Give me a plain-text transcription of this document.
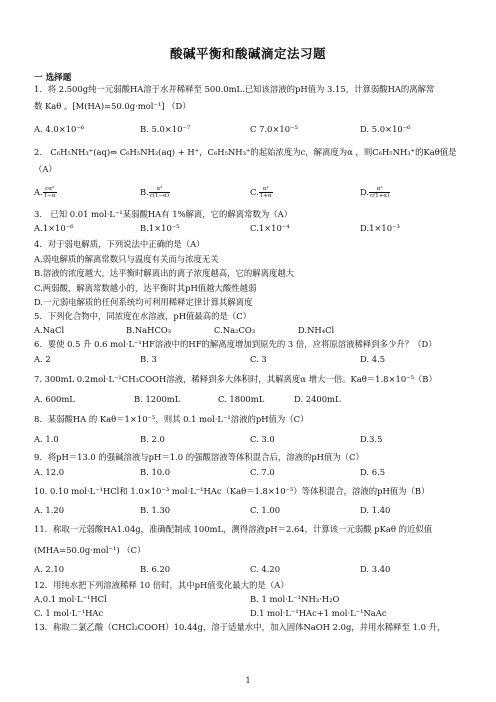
酸碱平衡和酸碱滴定法习题
一 选择题
1．将 2.500g纯一元弱酸HA溶于水并稀释至 500.0mL.已知该溶液的pH值为 3.15，计算弱酸HA的离解常
数 Kaθ 。[M(HA)=50.0g·mol⁻¹] （D）
A. 4.0×10⁻⁶	B. 5.0×10⁻⁷	C 7.0×10⁻⁵	D. 5.0×10⁻⁶
2． C₆H₅NH₃⁺(aq)⇔ C₆H₅NH₂(aq) + H⁺，C₆H₅NH₃⁺的起始浓度为c，解离度为α ，则C₆H₅NH₃⁺的Kaθ值是
（A）
A. $\frac{\text{cα²}}{1-\alpha}$	B. $\frac{\text{α²}}{c(1-\alpha)}$	C. $\frac{\text{α²}}{1+\alpha}$	D. $\frac{\text{α²}}{c(1+\alpha)}$
3． 已知 0.01 mol·L⁻¹某弱酸HA有 1%解离，它的解离常数为（A）
A.1×10⁻⁶	B.1×10⁻⁵	C.1×10⁻⁴	D.1×10⁻³
4．对于弱电解质，下列说法中正确的是（A）
A.弱电解质的解离常数只与温度有关而与浓度无关
B.溶液的浓度越大，达平衡时解离出的离子浓度越高，它的解离度越大
C.两弱酸，解离常数越小的，达平衡时其pH值越大酸性越弱
D.一元弱电解质的任何系统均可利用稀释定律计算其解离度
5．下列化合物中，同浓度在水溶液，pH值最高的是（C）
A.NaCl	B.NaHCO₃	C.Na₂CO₃	D.NH₄Cl
6．要使 0.5 升 0.6 mol·L⁻¹HF溶液中的HF的解离度增加到原先的 3 倍，应将原溶液稀释到多少升？（D）
A. 2	B. 3	C. 3	D. 4.5
7. 300mL 0.2mol·L⁻¹CH₃COOH溶液，稀释到多大体积时，其解离度α 增大一倍。Kaθ＝1.8×10⁻⁵（B）
A. 600mL	B. 1200mL	C. 1800mL	D. 2400mL
8．某弱酸HA 的 Kaθ＝1×10⁻⁵，则其 0.1 mol·L⁻¹溶液的pH值为（C）
A. 1.0	B. 2.0	C. 3.0	D.3.5
9．将pH＝13.0 的强碱溶液与pH＝1.0 的强酸溶液等体积混合后，溶液的pH值为（C）
A. 12.0	B. 10.0	C. 7.0	D. 6.5
10. 0.10 mol·L⁻¹HCl和 1.0×10⁻³ mol·L⁻¹HAc（Kaθ＝1.8×10⁻⁵）等体积混合，溶液的pH值为（B）
A. 1.20	B. 1.30	C. 1.00	D. 1.40
11．称取一元弱酸HA1.04g，准确配制成 100mL，测得溶液pH＝2.64，计算该一元弱酸 pKaθ 的近似值
(MHA=50.0g·mol⁻¹) （C）
A. 2.10	B. 6.20	C. 4.20	D. 3.40
12．用纯水把下列溶液稀释 10 倍时，其中pH值变化最大的是（A）
A.0.1 mol·L⁻¹HCl	B. 1 mol·L⁻¹NH₃·H₂O
C. 1 mol·L⁻¹HAc	D.1 mol·L⁻¹HAc+1 mol·L⁻¹NaAc
13．称取二氯乙酸（CHCl₂COOH）10.44g，溶于适量水中，加入固体NaOH 2.0g，并用水稀释至 1.0 升，
1
